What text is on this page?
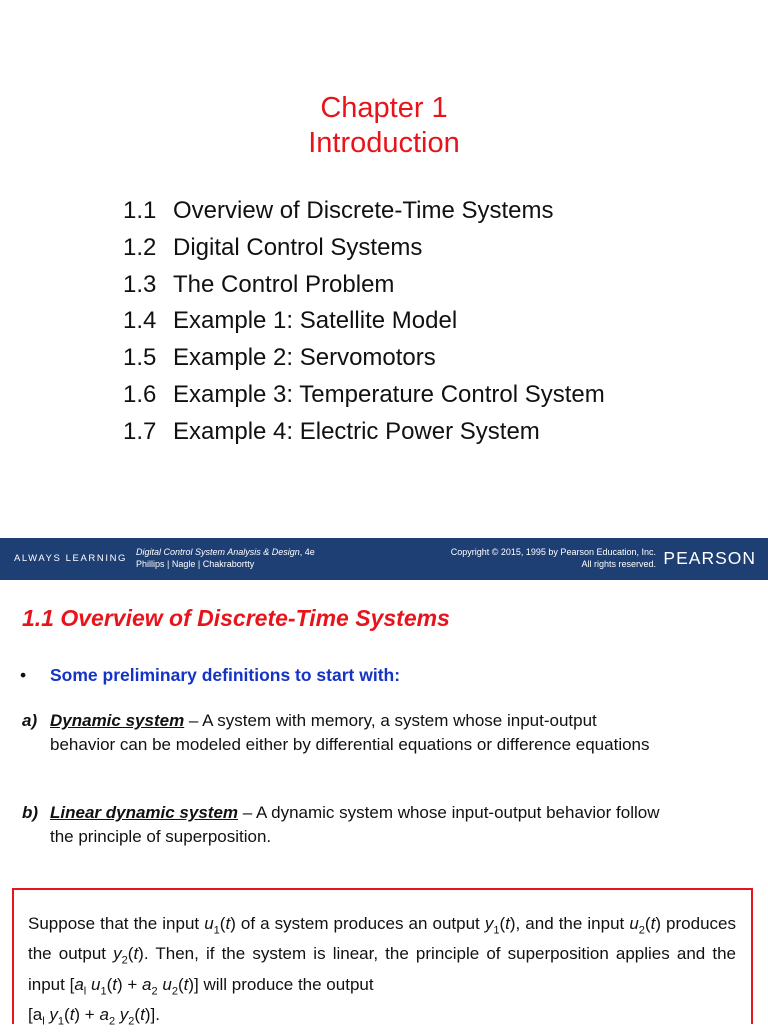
Chapter 1
Introduction
1.1 Overview of Discrete-Time Systems
1.2 Digital Control Systems
1.3 The Control Problem
1.4 Example 1: Satellite Model
1.5 Example 2: Servomotors
1.6 Example 3: Temperature Control System
1.7 Example 4: Electric Power System
ALWAYS LEARNING
Digital Control System Analysis & Design, 4e
Phillips | Nagle | Chakrabortty
Copyright © 2015, 1995 by Pearson Education, Inc.
All rights reserved. PEARSON
1.1 Overview of Discrete-Time Systems
• Some preliminary definitions to start with:
a) Dynamic system – A system with memory, a system whose input-output
behavior can be modeled either by differential equations or difference equations
b) Linear dynamic system – A dynamic system whose input-output behavior follow
the principle of superposition.
Suppose that the input $u_1(t)$ of a system produces an output $y_1(t)$, and the input $u_2(t)$ produces the output $y_2(t)$. Then, if the system is linear, the principle of superposition applies and the input [$a_l$ $u_1(t) + a_2$ $u_2(t)$] will produce the output
[$a_l$ $y_1(t) + a_2$ $y_2(t)$].
